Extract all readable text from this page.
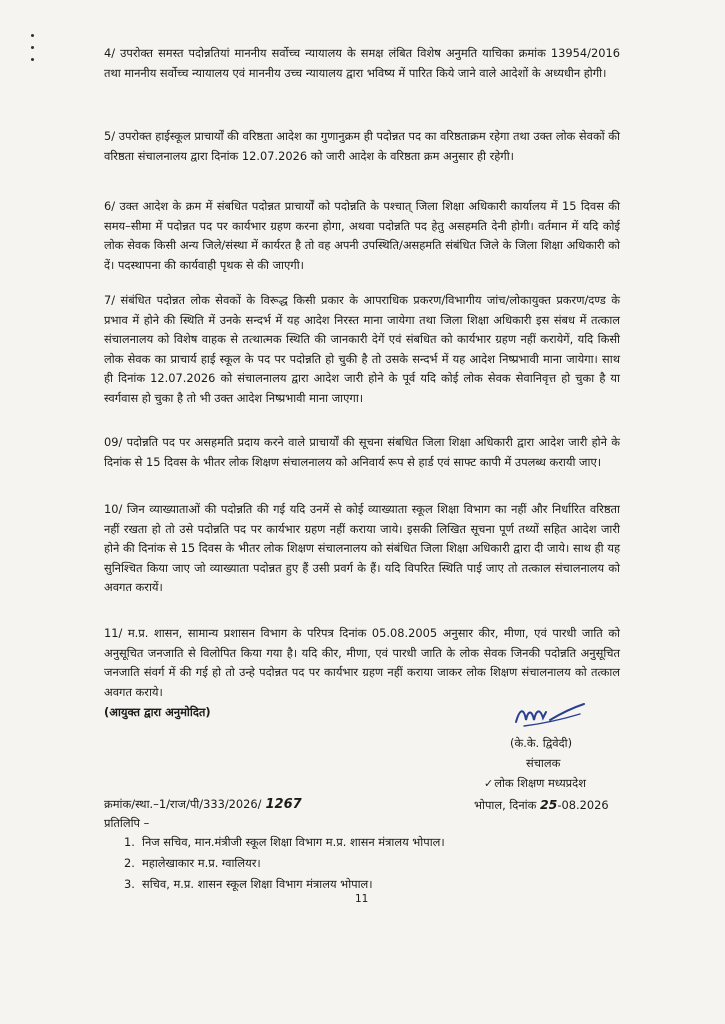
4/ उपरोक्त समस्त पदोन्नतियां माननीय सर्वोच्च न्यायालय के समक्ष लंबित विशेष अनुमति याचिका क्रमांक 13954/2016 तथा माननीय सर्वोच्च न्यायालय एवं माननीय उच्च न्यायालय द्वारा भविष्य में पारित किये जाने वाले आदेशों के अध्यधीन होगी।

5/ उपरोक्त हाईस्कूल प्राचार्यों की वरिष्ठता आदेश का गुणानुक्रम ही पदोन्नत पद का वरिष्ठताक्रम रहेगा तथा उक्त लोक सेवकों की वरिष्ठता संचालनालय द्वारा दिनांक 12.07.2026 को जारी आदेश के वरिष्ठता क्रम अनुसार ही रहेगी।

6/ उक्त आदेश के क्रम में संबधित पदोन्नत प्राचार्यों को पदोन्नति के पश्चात् जिला शिक्षा अधिकारी कार्यालय में 15 दिवस की समय–सीमा में पदोन्नत पद पर कार्यभार ग्रहण करना होगा, अथवा पदोन्नति पद हेतु असहमति देनी होगी। वर्तमान में यदि कोई लोक सेवक किसी अन्य जिले/संस्था में कार्यरत है तो वह अपनी उपस्थिति/असहमति संबंधित जिले के जिला शिक्षा अधिकारी को दें। पदस्थापना की कार्यवाही पृथक से की जाएगी।

7/ संबंधित पदोन्नत लोक सेवकों के विरूद्ध किसी प्रकार के आपराधिक प्रकरण/विभागीय जांच/लोकायुक्त प्रकरण/दण्ड के प्रभाव में होने की स्थिति में उनके सन्दर्भ में यह आदेश निरस्त माना जायेगा तथा जिला शिक्षा अधिकारी इस संबध में तत्काल संचालनालय को विशेष वाहक से तत्थात्मक स्थिति की जानकारी देगें एवं संबधित को कार्यभार ग्रहण नहीं करायेगें, यदि किसी लोक सेवक का प्राचार्य हाई स्कूल के पद पर पदोन्नति हो चुकी है तो उसके सन्दर्भ में यह आदेश निष्प्रभावी माना जायेगा। साथ ही दिनांक 12.07.2026 को संचालनालय द्वारा आदेश जारी होने के पूर्व यदि कोई लोक सेवक सेवानिवृत्त हो चुका है या स्वर्गवास हो चुका है तो भी उक्त आदेश निष्प्रभावी माना जाएगा।

09/ पदोन्नति पद पर असहमति प्रदाय करने वाले प्राचार्यों की सूचना संबधित जिला शिक्षा अधिकारी द्वारा आदेश जारी होने के दिनांक से 15 दिवस के भीतर लोक शिक्षण संचालनालय को अनिवार्य रूप से हार्ड एवं साफ्ट कापी में उपलब्ध करायी जाए।

10/ जिन व्याख्याताओं की पदोन्नति की गई यदि उनमें से कोई व्याख्याता स्कूल शिक्षा विभाग का नहीं और निर्धारित वरिष्ठता नहीं रखता हो तो उसे पदोन्नति पद पर कार्यभार ग्रहण नहीं कराया जाये। इसकी लिखित सूचना पूर्ण तथ्यों सहित आदेश जारी होने की दिनांक से 15 दिवस के भीतर लोक शिक्षण संचालनालय को संबंधित जिला शिक्षा अधिकारी द्वारा दी जाये। साथ ही यह सुनिश्चित किया जाए जो व्याख्याता पदोन्नत हुए हैं उसी प्रवर्ग के हैं। यदि विपरित स्थिति पाई जाए तो तत्काल संचालनालय को अवगत करायें।

11/ म.प्र. शासन, सामान्य प्रशासन विभाग के परिपत्र दिनांक 05.08.2005 अनुसार कीर, मीणा, एवं पारधी जाति को अनुसूचित जनजाति से विलोपित किया गया है। यदि कीर, मीणा, एवं पारधी जाति के लोक सेवक जिनकी पदोन्नति अनुसूचित जनजाति संवर्ग में की गई हो तो उन्हे पदोन्नत पद पर कार्यभार ग्रहण नहीं कराया जाकर लोक शिक्षण संचालनालय को तत्काल अवगत कराये।

(आयुक्त द्वारा अनुमोदित)
(के.के. द्विवेदी)
संचालक
✓लोक शिक्षण मध्यप्रदेश
क्रमांक/स्था.–1/राज/पी/333/2026/ 1267	भोपाल, दिनांक 25-08.2026
प्रतिलिपि –
1. निज सचिव, मान.मंत्रीजी स्कूल शिक्षा विभाग म.प्र. शासन मंत्रालय भोपाल।
2. महालेखाकार म.प्र. ग्वालियर।
3. सचिव, म.प्र. शासन स्कूल शिक्षा विभाग मंत्रालय भोपाल।
11
